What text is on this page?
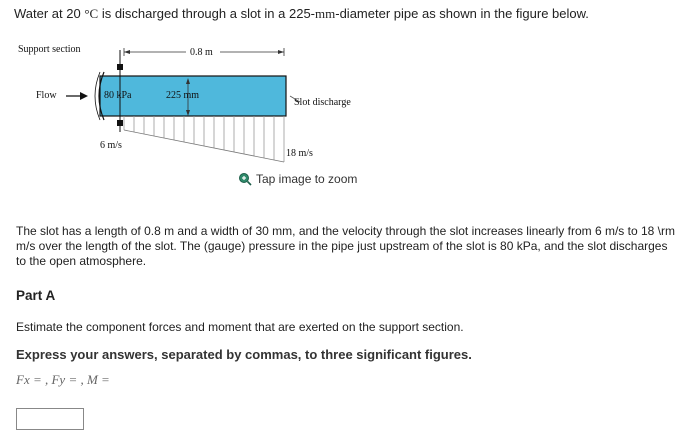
Water at 20 °C is discharged through a slot in a 225-mm-diameter pipe as shown in the figure below.
Support section	0.8 m
Flow	80 kPa	225 mm
Slot discharge
6 m/s
18 m/s
Tap image to zoom
The slot has a length of 0.8 m and a width of 30 mm, and the velocity through the slot increases linearly from 6 m/s to 18 \rm m/s over the length of the slot. The (gauge) pressure in the pipe just upstream of the slot is 80 kPa, and the slot discharges to the open atmosphere.
Part A
Estimate the component forces and moment that are exerted on the support section.
Express your answers, separated by commas, to three significant figures.
Fx = , Fy = , M =
